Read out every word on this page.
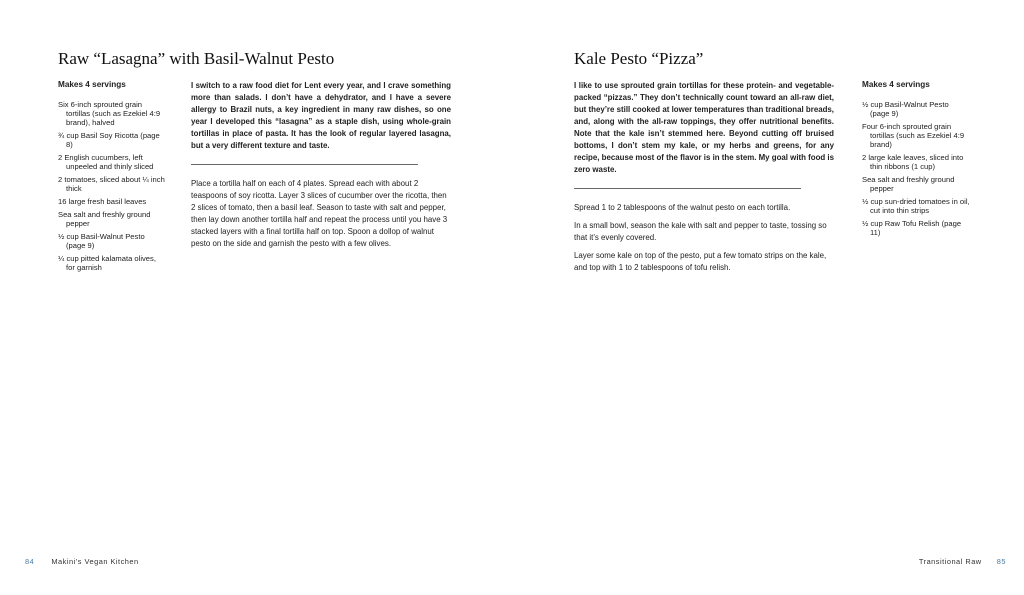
Raw “Lasagna” with Basil-Walnut Pesto
Makes 4 servings
Six 6-inch sprouted grain tortillas (such as Ezekiel 4:9 brand), halved
¾ cup Basil Soy Ricotta (page 8)
2 English cucumbers, left unpeeled and thinly sliced
2 tomatoes, sliced about ¼ inch thick
16 large fresh basil leaves
Sea salt and freshly ground pepper
½ cup Basil-Walnut Pesto (page 9)
¼ cup pitted kalamata olives, for garnish

I switch to a raw food diet for Lent every year, and I crave something more than salads. I don’t have a dehydrator, and I have a severe allergy to Brazil nuts, a key ingredient in many raw dishes, so one year I developed this “lasagna” as a staple dish, using whole-grain tortillas in place of pasta. It has the look of regular layered lasagna, but a very different texture and taste.

Place a tortilla half on each of 4 plates. Spread each with about 2 teaspoons of soy ricotta. Layer 3 slices of cucumber over the ricotta, then 2 slices of tomato, then a basil leaf. Season to taste with salt and pepper, then lay down another tortilla half and repeat the process until you have 3 stacked layers with a final tortilla half on top. Spoon a dollop of walnut pesto on the side and garnish the pesto with a few olives.

84 Makini’s Vegan Kitchen
Kale Pesto “Pizza”

I like to use sprouted grain tortillas for these protein- and vegetable-packed “pizzas.” They don’t technically count toward an all-raw diet, but they’re still cooked at lower temperatures than traditional breads, and, along with the all-raw toppings, they offer nutritional benefits. Note that the kale isn’t stemmed here. Beyond cutting off bruised bottoms, I don’t stem my kale, or my herbs and greens, for any recipe, because most of the flavor is in the stem. My goal with food is zero waste.

Spread 1 to 2 tablespoons of the walnut pesto on each tortilla.

In a small bowl, season the kale with salt and pepper to taste, tossing so that it’s evenly covered.

Layer some kale on top of the pesto, put a few tomato strips on the kale, and top with 1 to 2 tablespoons of tofu relish.

Makes 4 servings
½ cup Basil-Walnut Pesto (page 9)
Four 6-inch sprouted grain tortillas (such as Ezekiel 4:9 brand)
2 large kale leaves, sliced into thin ribbons (1 cup)
Sea salt and freshly ground pepper
½ cup sun-dried tomatoes in oil, cut into thin strips
½ cup Raw Tofu Relish (page 11)
Transitional Raw 85
